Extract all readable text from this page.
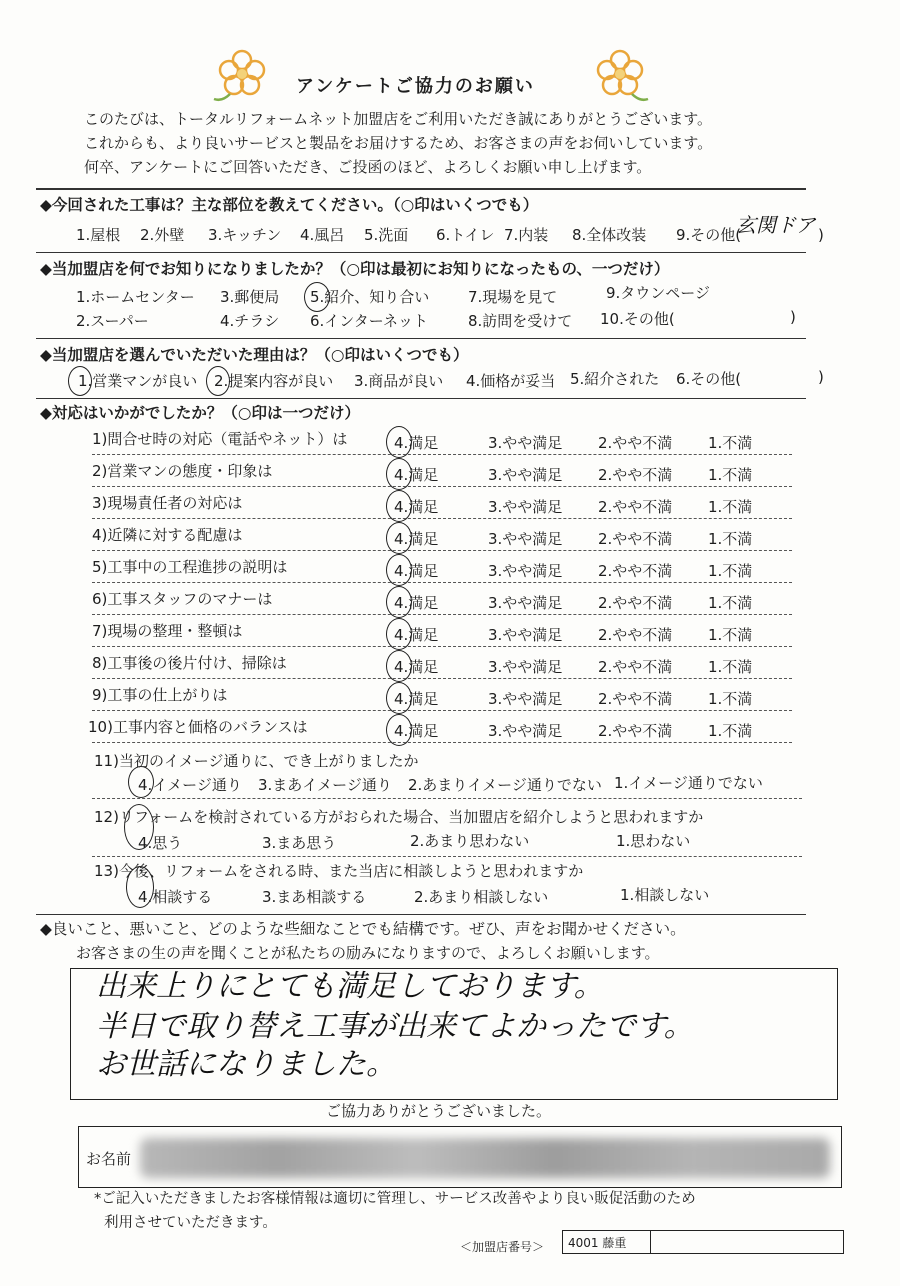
アンケートご協力のお願い
このたびは、トータルリフォームネット加盟店をご利用いただき誠にありがとうございます。
これからも、より良いサービスと製品をお届けするため、お客さまの声をお伺いしています。
何卒、アンケートにご回答いただき、ご投函のほど、よろしくお願い申し上げます。
◆今回された工事は？主な部位を教えてください。（○印はいくつでも）
1.屋根 2.外壁 3.キッチン 4.風呂 5.洗面 6.トイレ 7.内装 8.全体改装 9.その他(
玄関ドア )
◆当加盟店を何でお知りになりましたか？（○印は最初にお知りになったもの、一つだけ）
1.ホームセンター 3.郵便局 5.紹介、知り合い	7.現場を見て	9.タウンページ
2.スーパー	4.チラシ 6.インターネット	8.訪問を受けて 10.その他(	)
◆当加盟店を選んでいただいた理由は？（○印はいくつでも）
1.営業マンが良い 2.提案内容が良い 3.商品が良い 4.価格が妥当 5.紹介された 6.その他(	)
◆対応はいかがでしたか？（○印は一つだけ）
1)問合せ時の対応（電話やネット）は	4.満足	3.やや満足 2.やや不満 1.不満
2)営業マンの態度・印象は	4.満足	3.やや満足 2.やや不満 1.不満
3)現場責任者の対応は	4.満足	3.やや満足 2.やや不満 1.不満
4)近隣に対する配慮は	4.満足	3.やや満足 2.やや不満 1.不満
5)工事中の工程進捗の説明は	4.満足	3.やや満足 2.やや不満 1.不満
6)工事スタッフのマナーは	4.満足	3.やや満足 2.やや不満 1.不満
7)現場の整理・整頓は	4.満足	3.やや満足 2.やや不満 1.不満
8)工事後の後片付け、掃除は	4.満足	3.やや満足 2.やや不満 1.不満
9)工事の仕上がりは	4.満足	3.やや満足 2.やや不満 1.不満
10)工事内容と価格のバランスは	4.満足	3.やや満足 2.やや不満 1.不満
11)当初のイメージ通りに、でき上がりましたか
4.イメージ通り 3.まあイメージ通り 2.あまりイメージ通りでない 1.イメージ通りでない
12)リフォームを検討されている方がおられた場合、当加盟店を紹介しようと思われますか
4.思う	3.まあ思う	2.あまり思わない	1.思わない
13)今後、リフォームをされる時、また当店に相談しようと思われますか
4.相談する	3.まあ相談する	2.あまり相談しない	1.相談しない
◆良いこと、悪いこと、どのような些細なことでも結構です。ぜひ、声をお聞かせください。
お客さまの生の声を聞くことが私たちの励みになりますので、よろしくお願いします。
出来上りにとても満足しております。
半日で取り替え工事が出来てよかったです。
お世話になりました。
ご協力ありがとうございました。
お名前
*ご記入いただきましたお客様情報は適切に管理し、サービス改善やより良い販促活動のため
利用させていただきます。
＜加盟店番号＞ 4001 藤重
